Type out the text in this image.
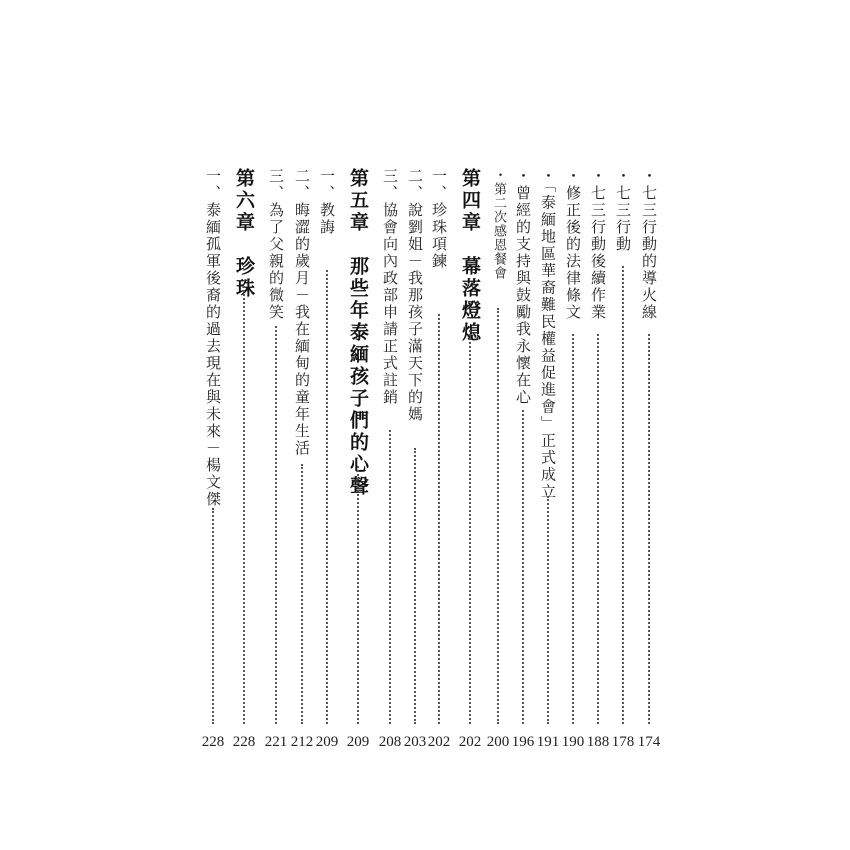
・七三行動的導火線
174
・七三行動
178
・七三行動後續作業
188
・修正後的法律條文
190
・「泰緬地區華裔難民權益促進會」正式成立
191
・曾經的支持與鼓勵我永懷在心
196
・第二次感恩餐會
200
第四章　幕落燈熄
202
一、珍珠項鍊
202
二、說劉姐－我那孩子滿天下的媽
203
三、協會向內政部申請正式註銷
208
第五章　那些年泰緬孩子們的心聲
209
一、教誨
209
二、晦澀的歲月－我在緬甸的童年生活
212
三、為了父親的微笑
221
第六章　珍珠
228
一、泰緬孤軍後裔的過去現在與未來－楊文傑
228
